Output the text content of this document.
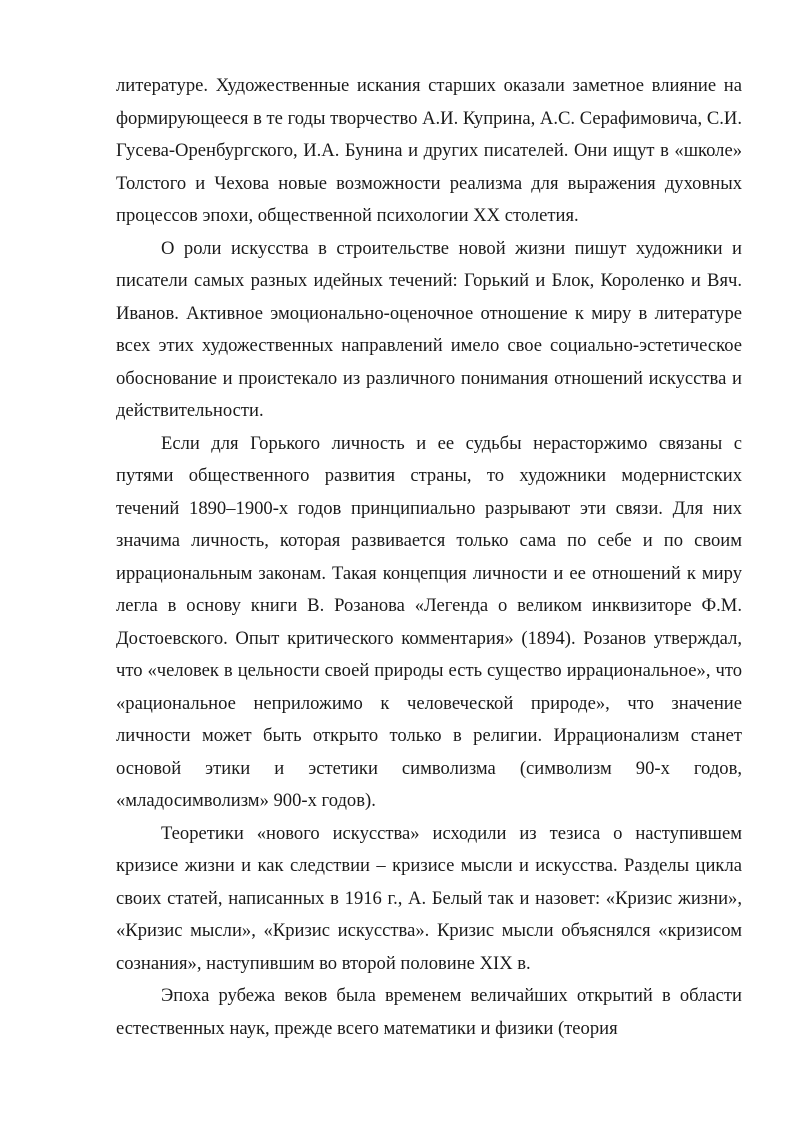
литературе. Художественные искания старших оказали заметное влияние на формирующееся в те годы творчество А.И. Куприна, А.С. Серафимовича, С.И. Гусева-Оренбургского, И.А. Бунина и других писателей. Они ищут в «школе» Толстого и Чехова новые возможности реализма для выражения духовных процессов эпохи, общественной психологии XX столетия.

О роли искусства в строительстве новой жизни пишут художники и писатели самых разных идейных течений: Горький и Блок, Короленко и Вяч. Иванов. Активное эмоционально-оценочное отношение к миру в литературе всех этих художественных направлений имело свое социально-эстетическое обоснование и проистекало из различного понимания отношений искусства и действительности.

Если для Горького личность и ее судьбы нерасторжимо связаны с путями общественного развития страны, то художники модернистских течений 1890–1900-х годов принципиально разрывают эти связи. Для них значима личность, которая развивается только сама по себе и по своим иррациональным законам. Такая концепция личности и ее отношений к миру легла в основу книги В. Розанова «Легенда о великом инквизиторе Ф.М. Достоевского. Опыт критического комментария» (1894). Розанов утверждал, что «человек в цельности своей природы есть существо иррациональное», что «рациональное неприложимо к человеческой природе», что значение личности может быть открыто только в религии. Иррационализм станет основой этики и эстетики символизма (символизм 90-х годов, «младосимволизм» 900-х годов).

Теоретики «нового искусства» исходили из тезиса о наступившем кризисе жизни и как следствии – кризисе мысли и искусства. Разделы цикла своих статей, написанных в 1916 г., А. Белый так и назовет: «Кризис жизни», «Кризис мысли», «Кризис искусства». Кризис мысли объяснялся «кризисом сознания», наступившим во второй половине XIX в.

Эпоха рубежа веков была временем величайших открытий в области естественных наук, прежде всего математики и физики (теория
